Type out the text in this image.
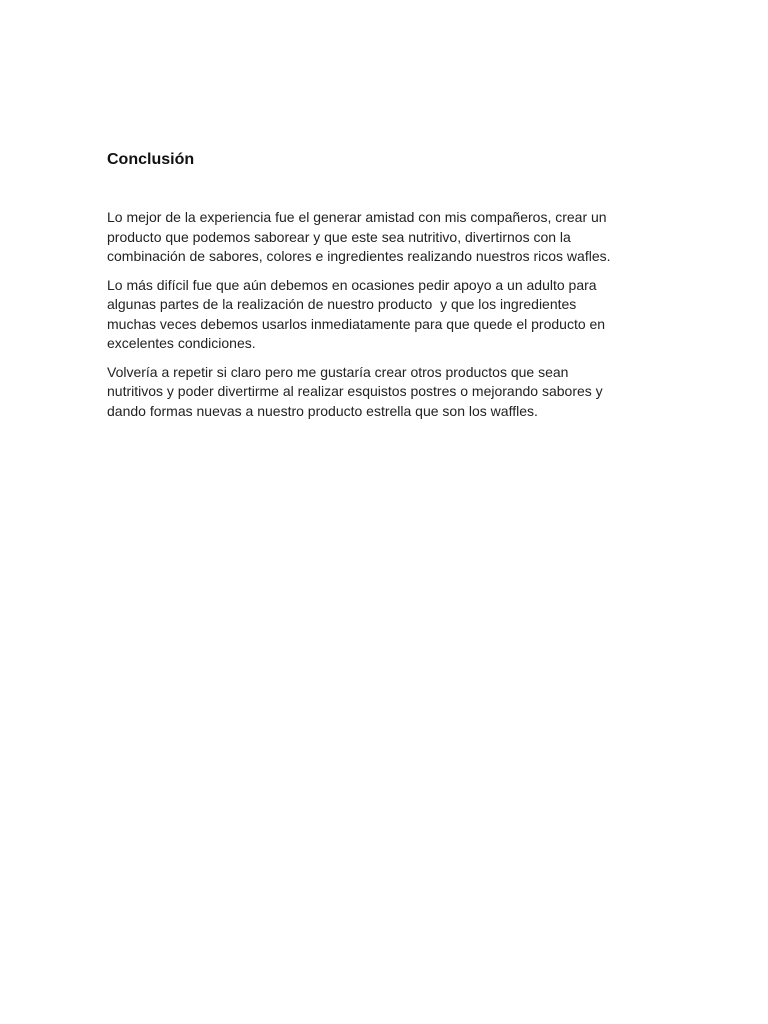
Conclusión

Lo mejor de la experiencia fue el generar amistad con mis compañeros, crear un
producto que podemos saborear y que este sea nutritivo, divertirnos con la
combinación de sabores, colores e ingredientes realizando nuestros ricos wafles.

Lo más difícil fue que aún debemos en ocasiones pedir apoyo a un adulto para
algunas partes de la realización de nuestro producto  y que los ingredientes
muchas veces debemos usarlos inmediatamente para que quede el producto en
excelentes condiciones.

Volvería a repetir si claro pero me gustaría crear otros productos que sean
nutritivos y poder divertirme al realizar esquistos postres o mejorando sabores y
dando formas nuevas a nuestro producto estrella que son los waffles.
